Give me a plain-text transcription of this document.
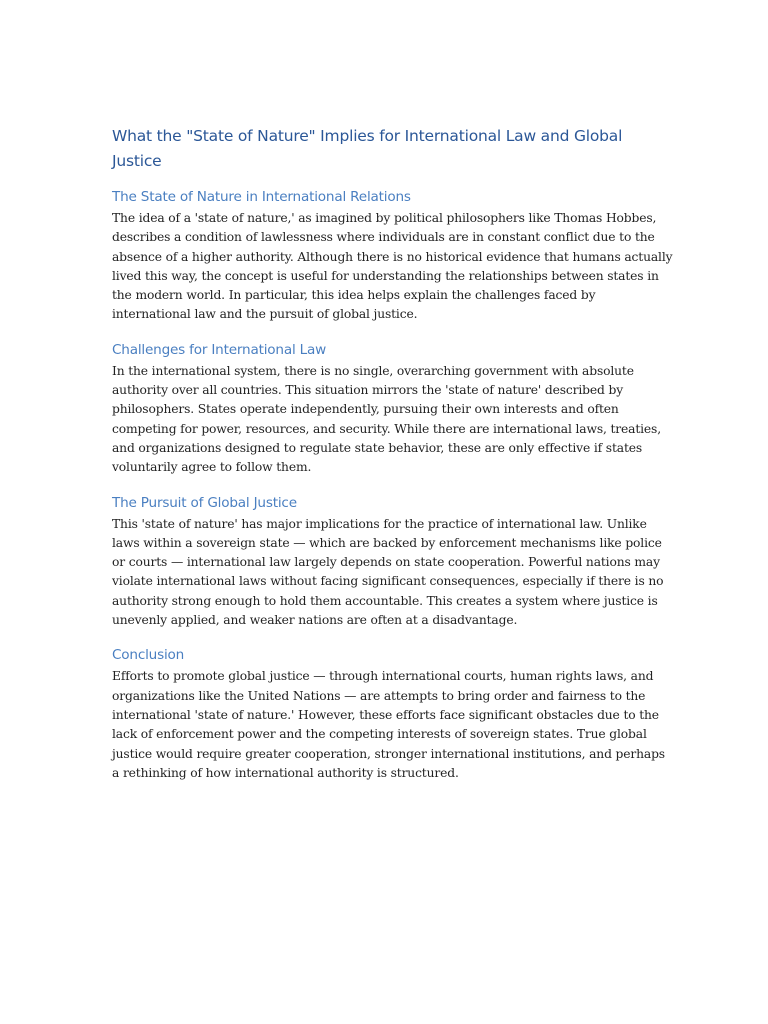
What the "State of Nature" Implies for International Law and Global
Justice
The State of Nature in International Relations

The idea of a 'state of nature,' as imagined by political philosophers like Thomas Hobbes,
describes a condition of lawlessness where individuals are in constant conflict due to the
absence of a higher authority. Although there is no historical evidence that humans actually
lived this way, the concept is useful for understanding the relationships between states in
the modern world. In particular, this idea helps explain the challenges faced by
international law and the pursuit of global justice.

Challenges for International Law

In the international system, there is no single, overarching government with absolute
authority over all countries. This situation mirrors the 'state of nature' described by
philosophers. States operate independently, pursuing their own interests and often
competing for power, resources, and security. While there are international laws, treaties,
and organizations designed to regulate state behavior, these are only effective if states
voluntarily agree to follow them.

The Pursuit of Global Justice

This 'state of nature' has major implications for the practice of international law. Unlike
laws within a sovereign state — which are backed by enforcement mechanisms like police
or courts — international law largely depends on state cooperation. Powerful nations may
violate international laws without facing significant consequences, especially if there is no
authority strong enough to hold them accountable. This creates a system where justice is
unevenly applied, and weaker nations are often at a disadvantage.

Conclusion

Efforts to promote global justice — through international courts, human rights laws, and
organizations like the United Nations — are attempts to bring order and fairness to the
international 'state of nature.' However, these efforts face significant obstacles due to the
lack of enforcement power and the competing interests of sovereign states. True global
justice would require greater cooperation, stronger international institutions, and perhaps
a rethinking of how international authority is structured.
